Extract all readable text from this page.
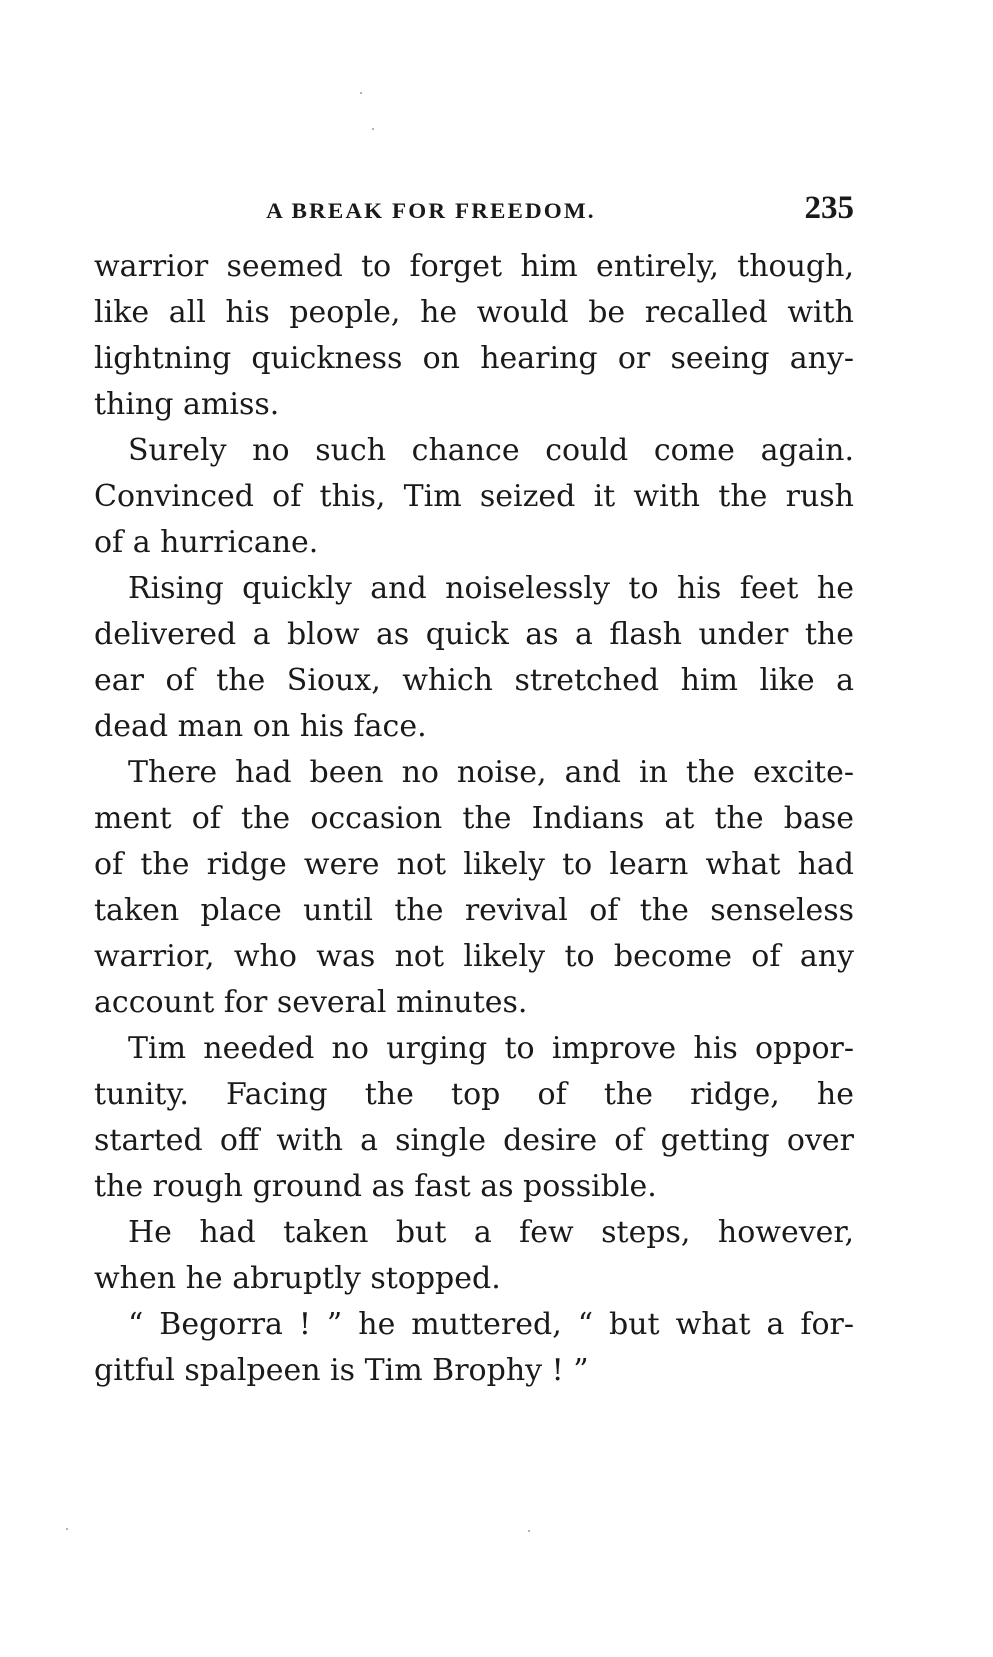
A BREAK FOR FREEDOM.	235
warrior seemed to forget him entirely, though,
like all his people, he would be recalled with
lightning quickness on hearing or seeing any-
thing amiss.
Surely no such chance could come again.
Convinced of this, Tim seized it with the rush
of a hurricane.
Rising quickly and noiselessly to his feet he
delivered a blow as quick as a flash under the
ear of the Sioux, which stretched him like a
dead man on his face.
There had been no noise, and in the excite-
ment of the occasion the Indians at the base
of the ridge were not likely to learn what had
taken place until the revival of the senseless
warrior, who was not likely to become of any
account for several minutes.
Tim needed no urging to improve his oppor-
tunity. Facing the top of the ridge, he
started off with a single desire of getting over
the rough ground as fast as possible.
He had taken but a few steps, however,
when he abruptly stopped.
“ Begorra ! ” he muttered, “ but what a for-
gitful spalpeen is Tim Brophy ! ”
